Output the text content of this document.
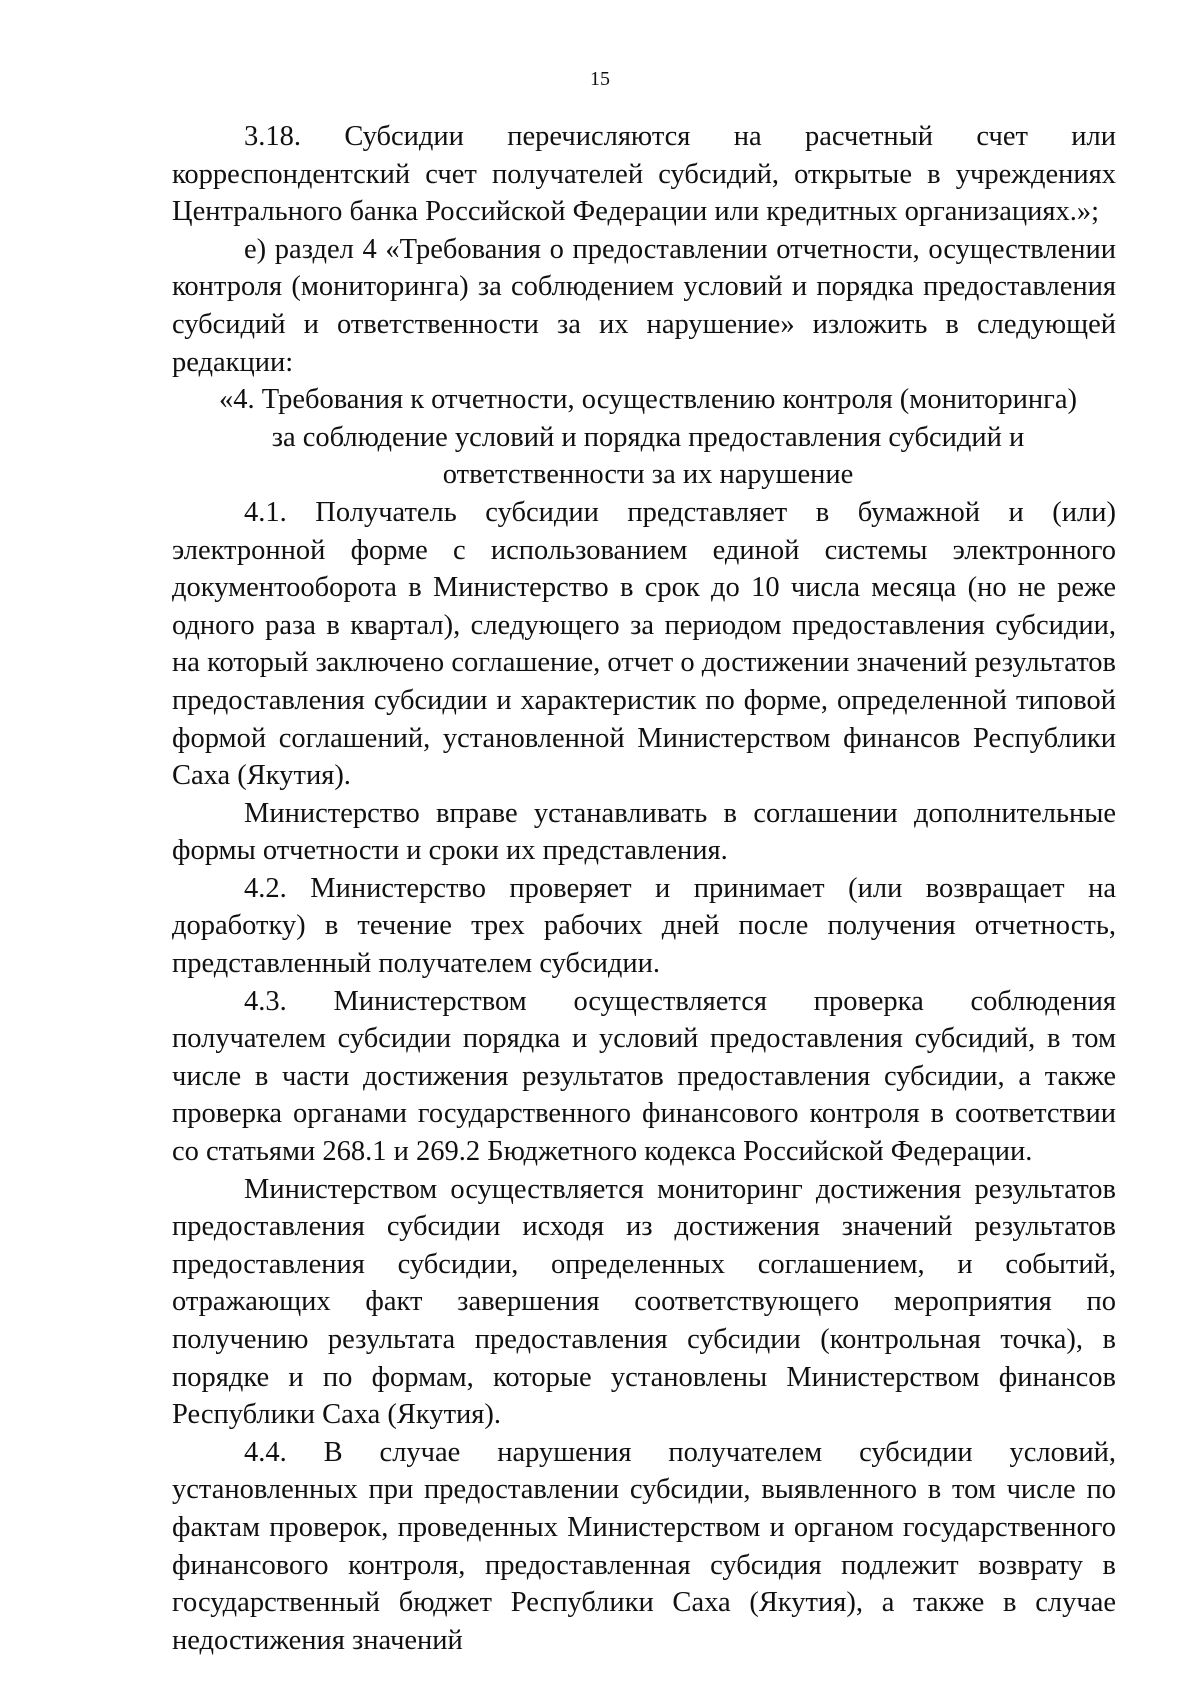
15

3.18. Субсидии перечисляются на расчетный счет или корреспондентский счет получателей субсидий, открытые в учреждениях Центрального банка Российской Федерации или кредитных организациях.»;

е) раздел 4 «Требования о предоставлении отчетности, осуществлении контроля (мониторинга) за соблюдением условий и порядка предоставления субсидий и ответственности за их нарушение» изложить в следующей редакции:

«4. Требования к отчетности, осуществлению контроля (мониторинга)
за соблюдение условий и порядка предоставления субсидий и
ответственности за их нарушение

4.1. Получатель субсидии представляет в бумажной и (или) электронной форме с использованием единой системы электронного документооборота в Министерство в срок до 10 числа месяца (но не реже одного раза в квартал), следующего за периодом предоставления субсидии, на который заключено соглашение, отчет о достижении значений результатов предоставления субсидии и характеристик по форме, определенной типовой формой соглашений, установленной Министерством финансов Республики Саха (Якутия).

Министерство вправе устанавливать в соглашении дополнительные формы отчетности и сроки их представления.

4.2. Министерство проверяет и принимает (или возвращает на доработку) в течение трех рабочих дней после получения отчетность, представленный получателем субсидии.

4.3. Министерством осуществляется проверка соблюдения получателем субсидии порядка и условий предоставления субсидий, в том числе в части достижения результатов предоставления субсидии, а также проверка органами государственного финансового контроля в соответствии со статьями 268.1 и 269.2 Бюджетного кодекса Российской Федерации.

Министерством осуществляется мониторинг достижения результатов предоставления субсидии исходя из достижения значений результатов предоставления субсидии, определенных соглашением, и событий, отражающих факт завершения соответствующего мероприятия по получению результата предоставления субсидии (контрольная точка), в порядке и по формам, которые установлены Министерством финансов Республики Саха (Якутия).

4.4. В случае нарушения получателем субсидии условий, установленных при предоставлении субсидии, выявленного в том числе по фактам проверок, проведенных Министерством и органом государственного финансового контроля, предоставленная субсидия подлежит возврату в государственный бюджет Республики Саха (Якутия), а также в случае недостижения значений
